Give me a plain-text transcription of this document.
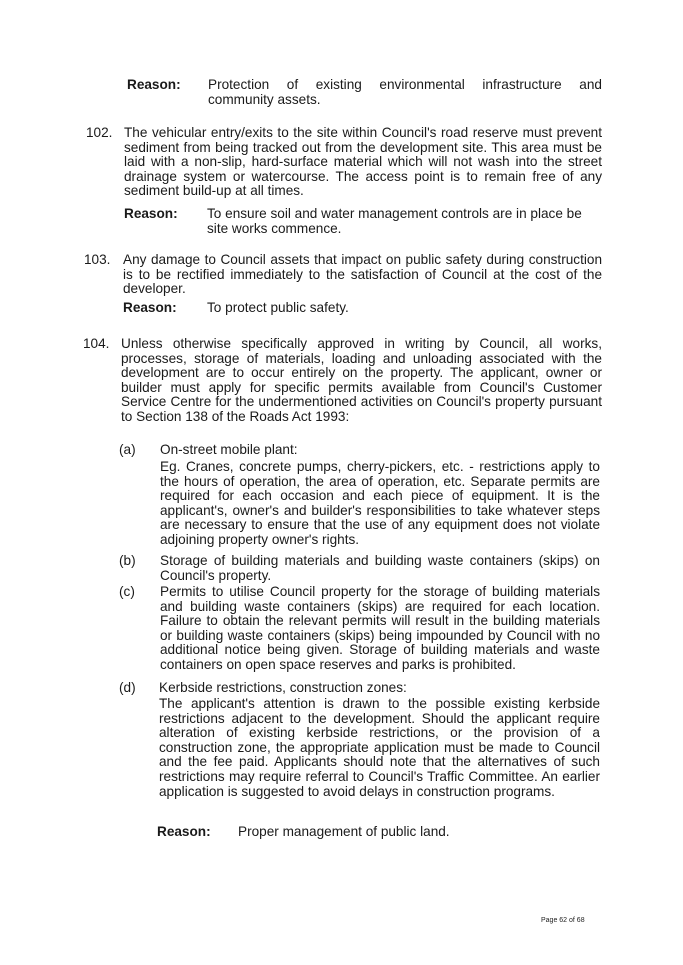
Reason: Protection of existing environmental infrastructure and
community assets.
102. The vehicular entry/exits to the site within Council's road reserve must prevent sediment from being tracked out from the development site. This area must be laid with a non-slip, hard-surface material which will not wash into the street drainage system or watercourse. The access point is to remain free of any sediment build-up at all times.
Reason: To ensure soil and water management controls are in place be
site works commence.
103. Any damage to Council assets that impact on public safety during construction is to be rectified immediately to the satisfaction of Council at the cost of the developer.
Reason: To protect public safety.
104. Unless otherwise specifically approved in writing by Council, all works, processes, storage of materials, loading and unloading associated with the development are to occur entirely on the property. The applicant, owner or builder must apply for specific permits available from Council's Customer Service Centre for the undermentioned activities on Council's property pursuant to Section 138 of the Roads Act 1993:
(a) On-street mobile plant:
Eg. Cranes, concrete pumps, cherry-pickers, etc. - restrictions apply to the hours of operation, the area of operation, etc. Separate permits are required for each occasion and each piece of equipment. It is the applicant's, owner's and builder's responsibilities to take whatever steps are necessary to ensure that the use of any equipment does not violate adjoining property owner's rights.
(b) Storage of building materials and building waste containers (skips) on Council's property.
(c) Permits to utilise Council property for the storage of building materials and building waste containers (skips) are required for each location. Failure to obtain the relevant permits will result in the building materials or building waste containers (skips) being impounded by Council with no additional notice being given. Storage of building materials and waste containers on open space reserves and parks is prohibited.
(d) Kerbside restrictions, construction zones:
The applicant's attention is drawn to the possible existing kerbside restrictions adjacent to the development. Should the applicant require alteration of existing kerbside restrictions, or the provision of a construction zone, the appropriate application must be made to Council and the fee paid. Applicants should note that the alternatives of such restrictions may require referral to Council's Traffic Committee. An earlier application is suggested to avoid delays in construction programs.
Reason: Proper management of public land.
Page 62 of 68
